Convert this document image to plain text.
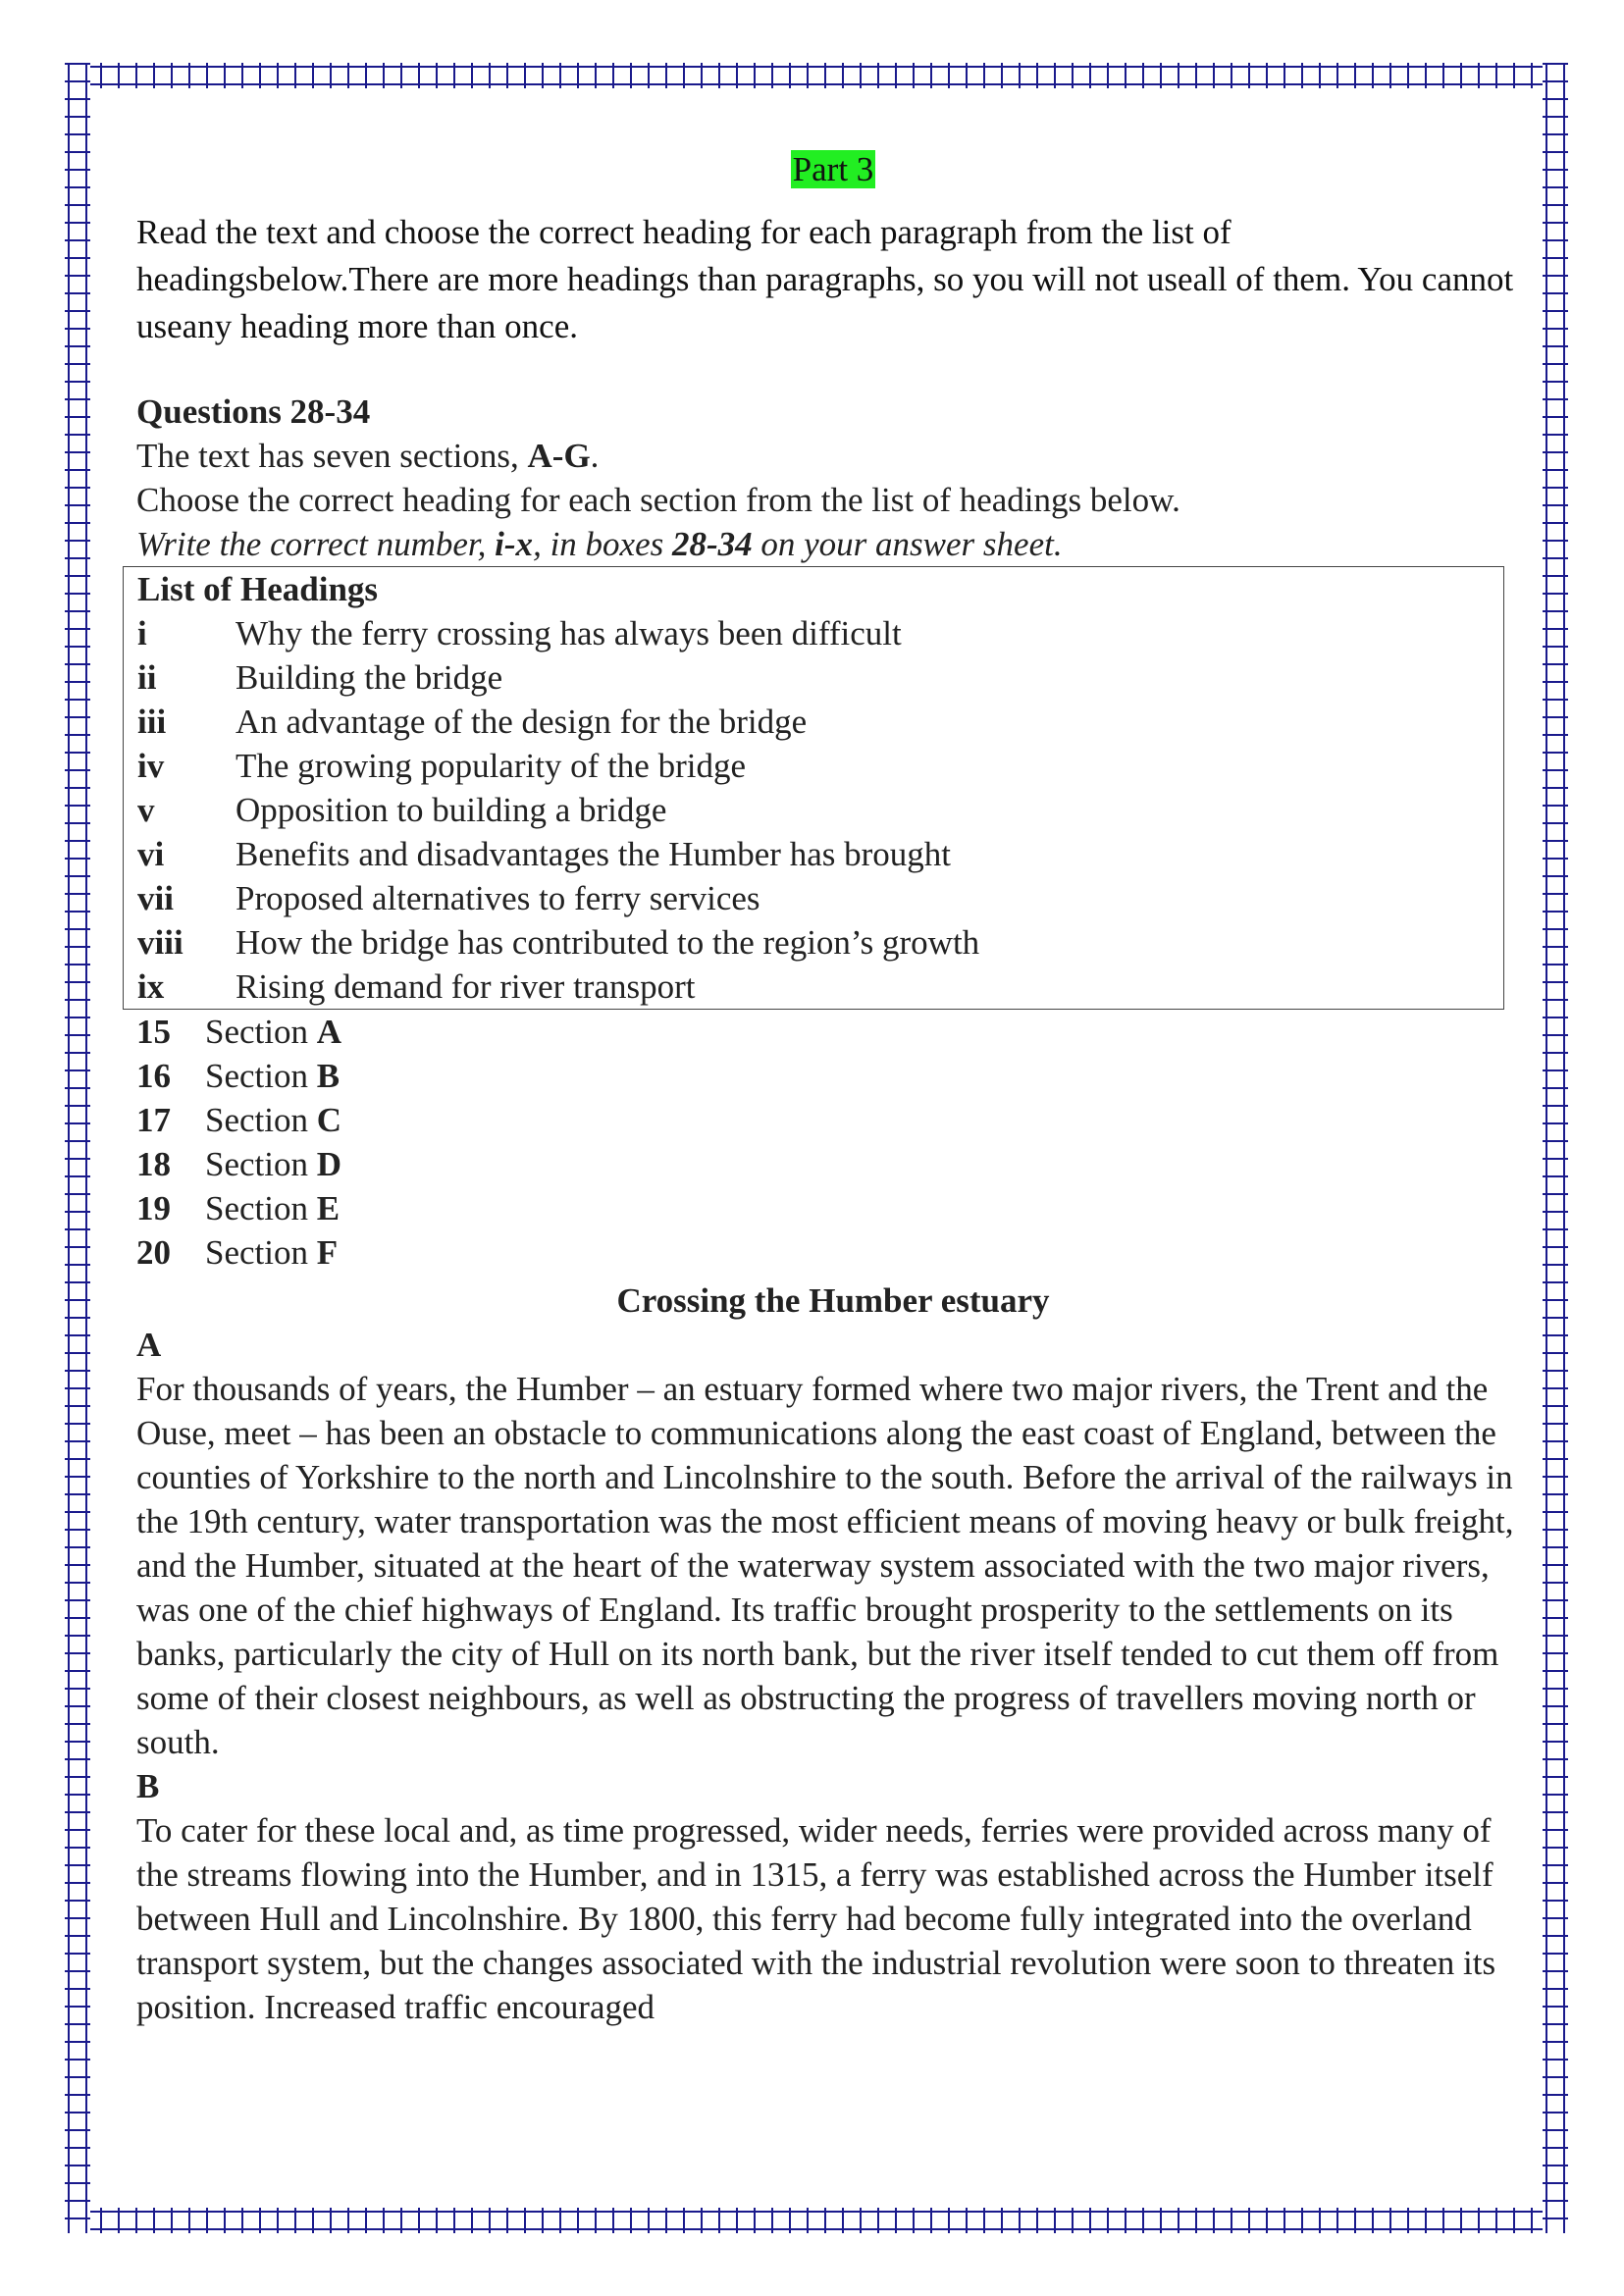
Part 3

Read the text and choose the correct heading for each paragraph from the list of headingsbelow.There are more headings than paragraphs, so you will not useall of them. You cannot useany heading more than once.

Questions 28-34

The text has seven sections, A-G.

Choose the correct heading for each section from the list of headings below.

Write the correct number, i-x, in boxes 28-34 on your answer sheet.

List of Headings

i	Why the ferry crossing has always been difficult
ii	Building the bridge
iii	An advantage of the design for the bridge
iv	The growing popularity of the bridge
v	Opposition to building a bridge
vi	Benefits and disadvantages the Humber has brought
vii	Proposed alternatives to ferry services
viii	How the bridge has contributed to the region’s growth
ix	Rising demand for river transport

15 Section A

16 Section B

17 Section C

18 Section D

19 Section E

20 Section F

Crossing the Humber estuary

A

For thousands of years, the Humber – an estuary formed where two major rivers, the Trent and the Ouse, meet – has been an obstacle to communications along the east coast of England, between the counties of Yorkshire to the north and Lincolnshire to the south. Before the arrival of the railways in the 19th century, water transportation was the most efficient means of moving heavy or bulk freight, and the Humber, situated at the heart of the waterway system associated with the two major rivers, was one of the chief highways of England. Its traffic brought prosperity to the settlements on its banks, particularly the city of Hull on its north bank, but the river itself tended to cut them off from some of their closest neighbours, as well as obstructing the progress of travellers moving north or south.

B

To cater for these local and, as time progressed, wider needs, ferries were provided across many of the streams flowing into the Humber, and in 1315, a ferry was established across the Humber itself between Hull and Lincolnshire. By 1800, this ferry had become fully integrated into the overland transport system, but the changes associated with the industrial revolution were soon to threaten its position. Increased traffic encouraged
